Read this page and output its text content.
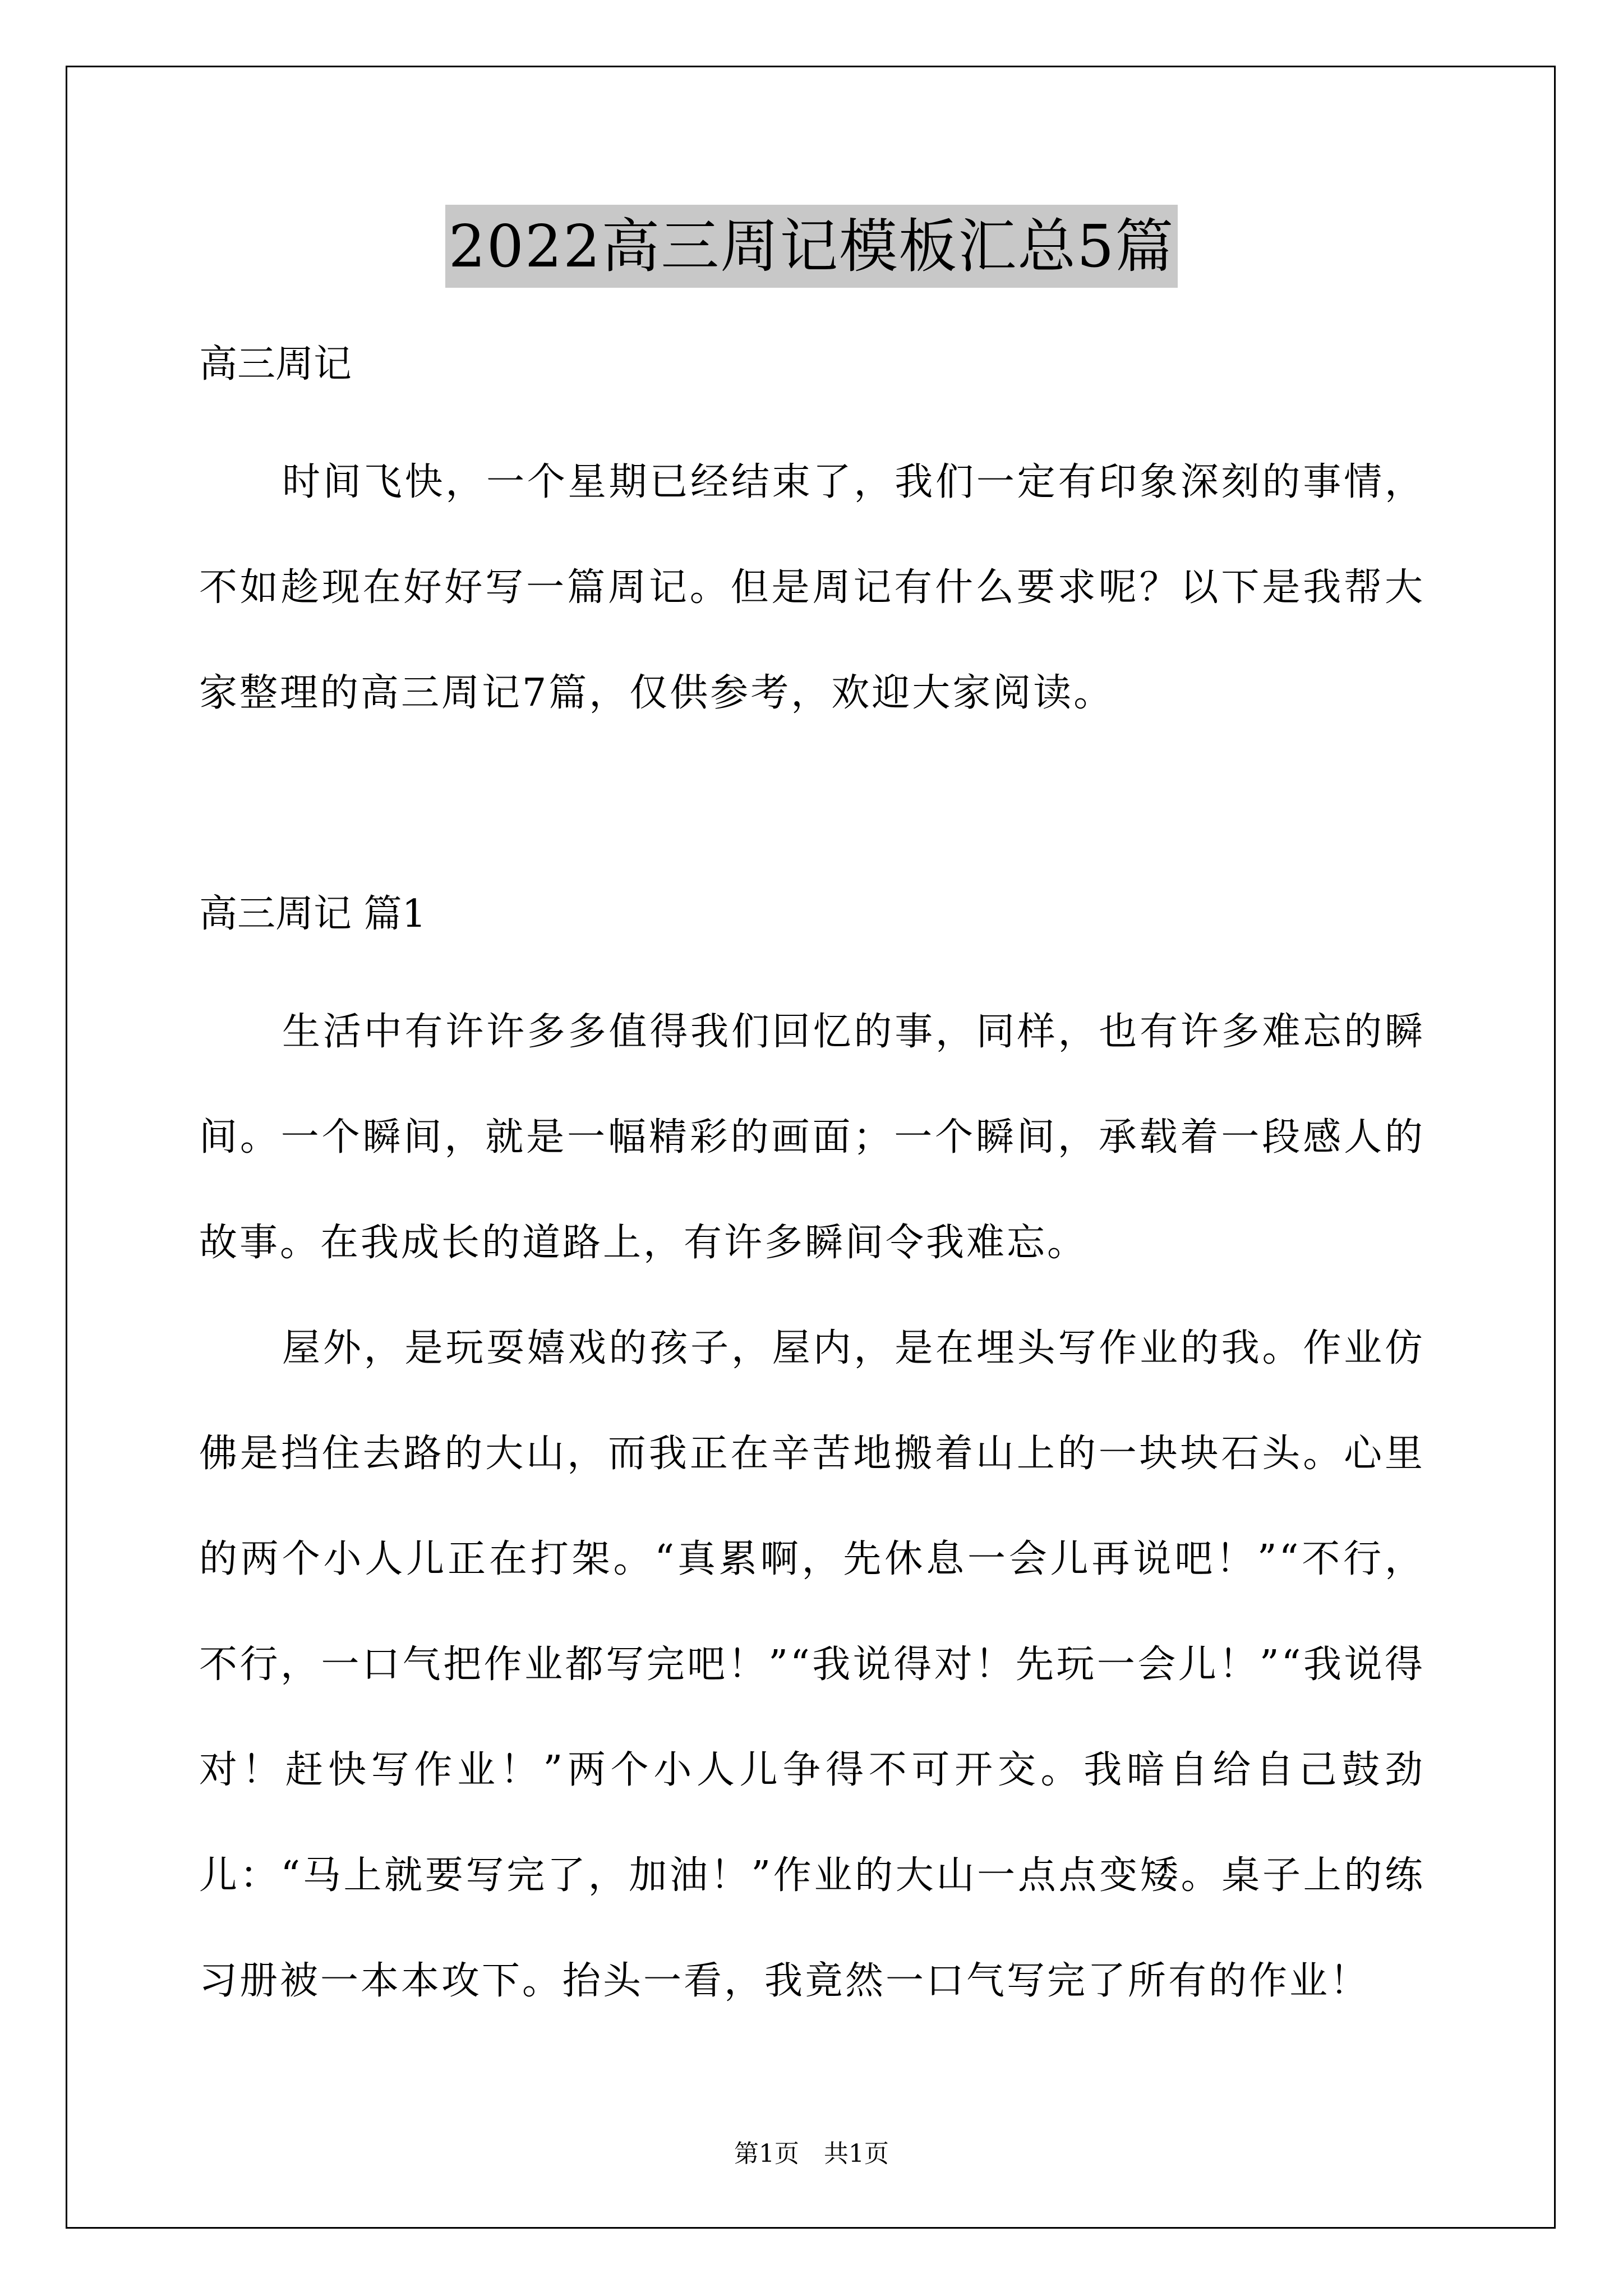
2022高三周记模板汇总5篇

高三周记

时间飞快，一个星期已经结束了，我们一定有印象深刻的事情，不如趁现在好好写一篇周记。但是周记有什么要求呢？以下是我帮大家整理的高三周记7篇，仅供参考，欢迎大家阅读。

高三周记 篇1

生活中有许许多多值得我们回忆的事，同样，也有许多难忘的瞬间。一个瞬间，就是一幅精彩的画面；一个瞬间，承载着一段感人的故事。在我成长的道路上，有许多瞬间令我难忘。

屋外，是玩耍嬉戏的孩子，屋内，是在埋头写作业的我。作业仿佛是挡住去路的大山，而我正在辛苦地搬着山上的一块块石头。心里的两个小人儿正在打架。“真累啊，先休息一会儿再说吧！”“不行，不行，一口气把作业都写完吧！”“我说得对！先玩一会儿！”“我说得对！赶快写作业！”两个小人儿争得不可开交。我暗自给自己鼓劲儿：“马上就要写完了，加油！”作业的大山一点点变矮。桌子上的练习册被一本本攻下。抬头一看，我竟然一口气写完了所有的作业！

第1页　共1页
